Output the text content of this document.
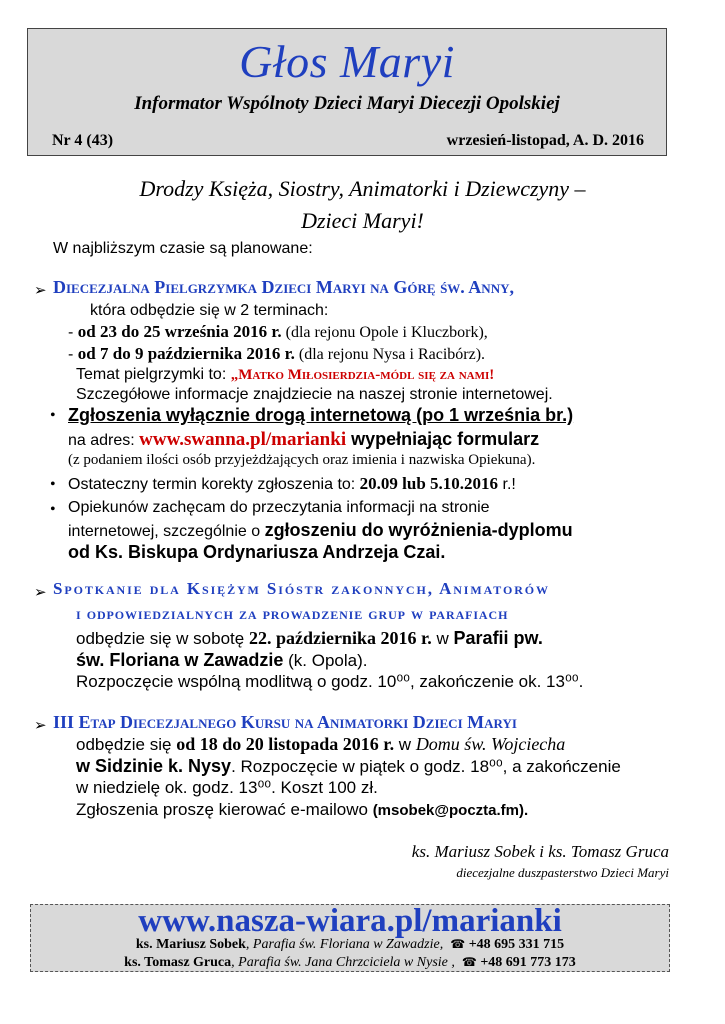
Głos Maryi
Informator Wspólnoty Dzieci Maryi Diecezji Opolskiej
Nr 4 (43)	wrzesień-listopad, A. D. 2016
Drodzy Księża, Siostry, Animatorki i Dziewczyny –
Dzieci Maryi!
W najbliższym czasie są planowane:
➢ Diecezjalna Pielgrzymka Dzieci Maryi na Górę św. Anny,
która odbędzie się w 2 terminach:
- od 23 do 25 września 2016 r. (dla rejonu Opole i Kluczbork),
- od 7 do 9 października 2016 r. (dla rejonu Nysa i Racibórz).
Temat pielgrzymki to: „Matko Miłosierdzia-módl się za nami!
Szczegółowe informacje znajdziecie na naszej stronie internetowej.
• Zgłoszenia wyłącznie drogą internetową (po 1 września br.)
na adres: www.swanna.pl/marianki wypełniając formularz
(z podaniem ilości osób przyjeżdżających oraz imienia i nazwiska Opiekuna).
• Ostateczny termin korekty zgłoszenia to: 20.09 lub 5.10.2016 r.!
• Opiekunów zachęcam do przeczytania informacji na stronie
internetowej, szczególnie o zgłoszeniu do wyróżnienia-dyplomu
od Ks. Biskupa Ordynariusza Andrzeja Czai.
➢ Spotkanie dla Księżym Sióstr zakonnych, Animatorów
i odpowiedzialnych za prowadzenie grup w parafiach
odbędzie się w sobotę 22. października 2016 r. w Parafii pw.
św. Floriana w Zawadzie (k. Opola).
Rozpoczęcie wspólną modlitwą o godz. 10⁰⁰, zakończenie ok. 13⁰⁰.
➢ III Etap Diecezjalnego Kursu na Animatorki Dzieci Maryi
odbędzie się od 18 do 20 listopada 2016 r. w Domu św. Wojciecha
w Sidzinie k. Nysy. Rozpoczęcie w piątek o godz. 18⁰⁰, a zakończenie
w niedzielę ok. godz. 13⁰⁰. Koszt 100 zł.
Zgłoszenia proszę kierować e-mailowo (msobek@poczta.fm).
ks. Mariusz Sobek i ks. Tomasz Gruca
diecezjalne duszpasterstwo Dzieci Maryi
www.nasza-wiara.pl/marianki
ks. Mariusz Sobek, Parafia św. Floriana w Zawadzie, ☎ +48 695 331 715
ks. Tomasz Gruca, Parafia św. Jana Chrzciciela w Nysie , ☎ +48 691 773 173
